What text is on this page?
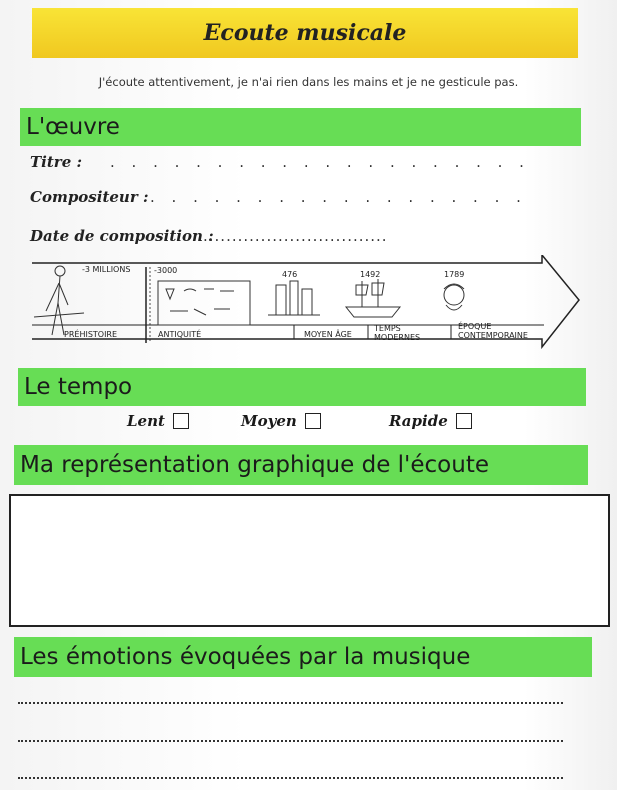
Ecoute musicale
J'écoute attentivement, je n'ai rien dans les mains et je ne gesticule pas.
L'œuvre
Titre : . . . . . . . . . . . . . . . . . . . .
Compositeur : . . . . . . . . . . . . . . . . . .
Date de composition :
................................
-3 MILLIONS	-3000	476	1492	1789
PRÉHISTOIRE	ANTIQUITÉ	MOYEN ÂGE
TEMPS
MODERNES
ÉPOQUE
CONTEMPORAINE
Le tempo
Lent	Moyen	Rapide
Ma représentation graphique de l'écoute
Les émotions évoquées par la musique
